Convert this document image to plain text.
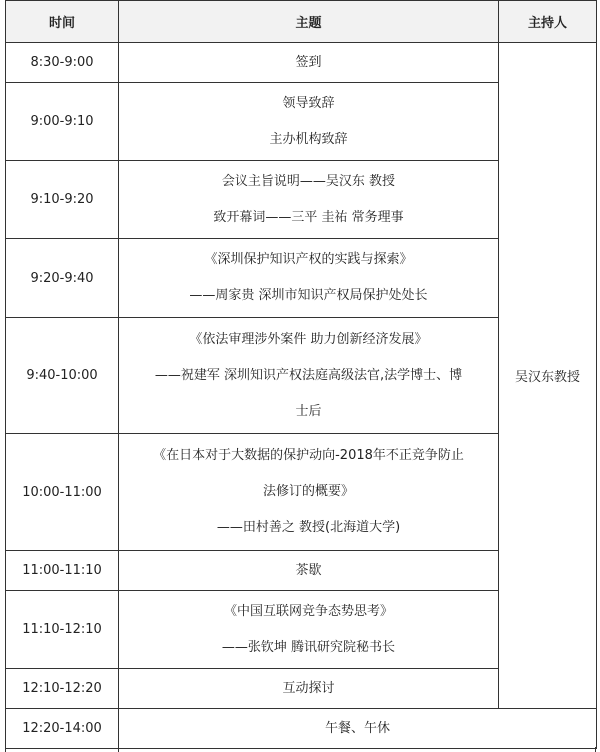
时间	主题	主持人
8:30-9:00	签到	吴汉东教授
9:00-9:10	领导致辞
主办机构致辞	

9:10-9:20	会议主旨说明——吴汉东 教授
致开幕词——三平 圭祐 常务理事	

9:20-9:40	《深圳保护知识产权的实践与探索》
——周家贵 深圳市知识产权局保护处处长	

9:40-10:00	《依法审理涉外案件 助力创新经济发展》
——祝建军 深圳知识产权法庭高级法官,法学博士、博
士后	

10:00-11:00	《在日本对于大数据的保护动向-2018年不正竞争防止
法修订的概要》
——田村善之 教授(北海道大学)	

11:00-11:10	茶歇	

11:10-12:10	《中国互联网竞争态势思考》
——张钦坤 腾讯研究院秘书长	

12:10-12:20	互动探讨	

12:20-14:00	午餐、午休	
